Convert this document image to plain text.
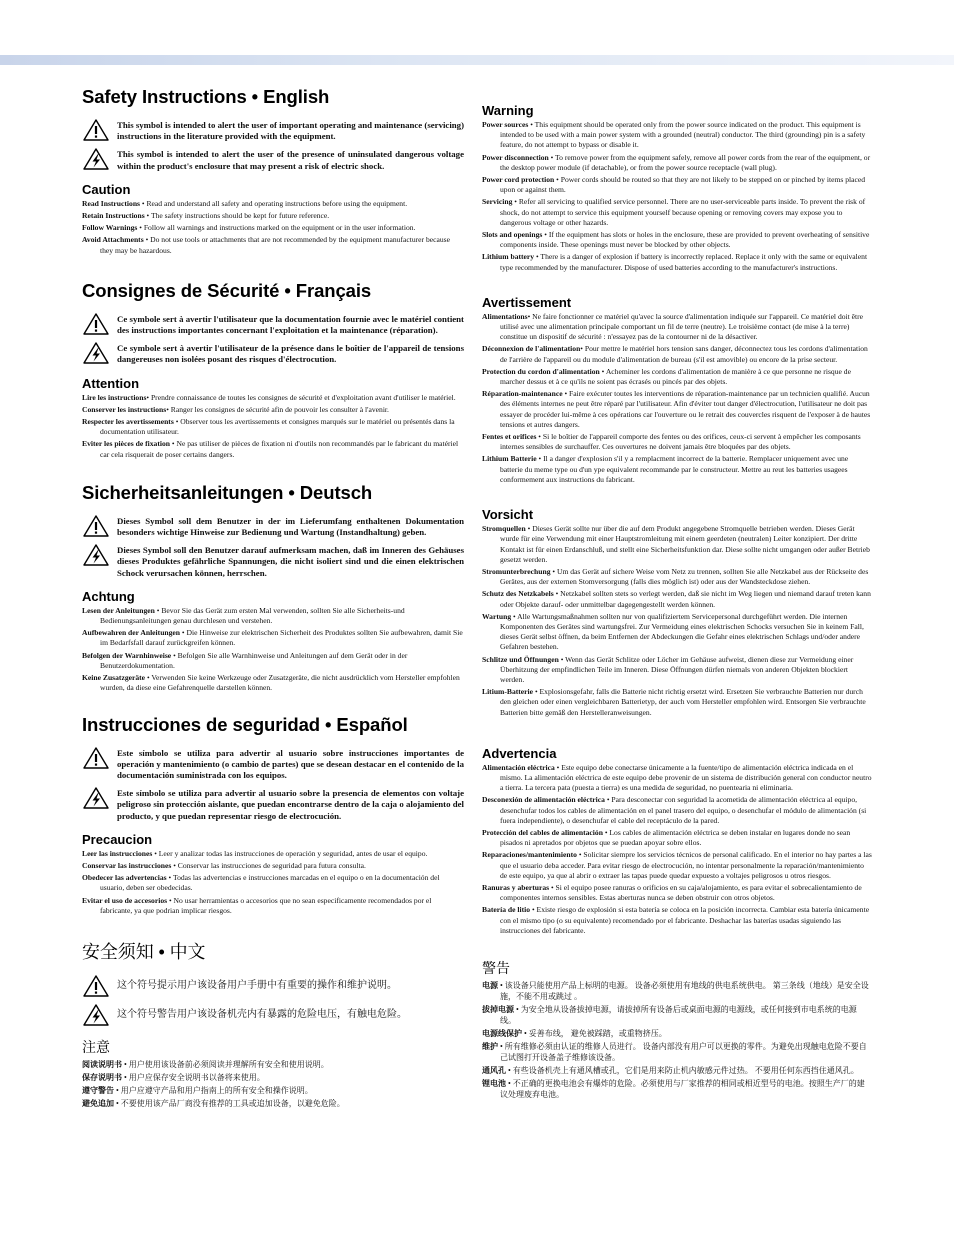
Safety Instructions • English
This symbol is intended to alert the user of important operating and maintenance (servicing) instructions in the literature provided with the equipment.
This symbol is intended to alert the user of the presence of uninsulated dangerous voltage within the product's enclosure that may present a risk of electric shock.
Caution
Read Instructions • Read and understand all safety and operating instructions before using the equipment.
Retain Instructions • The safety instructions should be kept for future reference.
Follow Warnings • Follow all warnings and instructions marked on the equipment or in the user information.
Avoid Attachments • Do not use tools or attachments that are not recommended by the equipment manufacturer because they may be hazardous.
Consignes de Sécurité • Français
Ce symbole sert à avertir l'utilisateur que la documentation fournie avec le matériel contient des instructions importantes concernant l'exploitation et la maintenance (réparation).
Ce symbole sert à avertir l'utilisateur de la présence dans le boîtier de l'appareil de tensions dangereuses non isolées posant des risques d'électrocution.
Attention
Lire les instructions• Prendre connaissance de toutes les consignes de sécurité et d'exploitation avant d'utiliser le matériel.
Conserver les instructions• Ranger les consignes de sécurité afin de pouvoir les consulter à l'avenir.
Respecter les avertissements • Observer tous les avertissements et consignes marqués sur le matériel ou présentés dans la documentation utilisateur.
Eviter les pièces de fixation • Ne pas utiliser de pièces de fixation ni d'outils non recommandés par le fabricant du matériel car cela risquerait de poser certains dangers.
Sicherheitsanleitungen • Deutsch
Dieses Symbol soll dem Benutzer in der im Lieferumfang enthaltenen Dokumentation besonders wichtige Hinweise zur Bedienung und Wartung (Instandhaltung) geben.
Dieses Symbol soll den Benutzer darauf aufmerksam machen, daß im Inneren des Gehäuses dieses Produktes gefährliche Spannungen, die nicht isoliert sind und die einen elektrischen Schock verursachen können, herrschen.
Achtung
Lesen der Anleitungen • Bevor Sie das Gerät zum ersten Mal verwenden, sollten Sie alle Sicherheits-und Bedienungsanleitungen genau durchlesen und verstehen.
Aufbewahren der Anleitungen • Die Hinweise zur elektrischen Sicherheit des Produktes sollten Sie aufbewahren, damit Sie im Bedarfsfall darauf zurückgreifen können.
Befolgen der Warnhinweise • Befolgen Sie alle Warnhinweise und Anleitungen auf dem Gerät oder in der Benutzerdokumentation.
Keine Zusatzgeräte • Verwenden Sie keine Werkzeuge oder Zusatzgeräte, die nicht ausdrücklich vom Hersteller empfohlen wurden, da diese eine Gefahrenquelle darstellen können.
Instrucciones de seguridad • Español
Este símbolo se utiliza para advertir al usuario sobre instrucciones importantes de operación y mantenimiento (o cambio de partes) que se desean destacar en el contenido de la documentación suministrada con los equipos.
Este símbolo se utiliza para advertir al usuario sobre la presencia de elementos con voltaje peligroso sin protección aislante, que puedan encontrarse dentro de la caja o alojamiento del producto, y que puedan representar riesgo de electrocución.
Precaucion
Leer las instrucciones • Leer y analizar todas las instrucciones de operación y seguridad, antes de usar el equipo.
Conservar las instrucciones • Conservar las instrucciones de seguridad para futura consulta.
Obedecer las advertencias • Todas las advertencias e instrucciones marcadas en el equipo o en la documentación del usuario, deben ser obedecidas.
Evitar el uso de accesorios • No usar herramientas o accesorios que no sean especificamente recomendados por el fabricante, ya que podrian implicar riesgos.
安全须知 • 中文
这个符号提示用户该设备用户手册中有重要的操作和维护说明。
这个符号警告用户该设备机壳内有暴露的危险电压，有触电危险。
注意
阅读说明书 • 用户使用该设备前必须阅读并理解所有安全和使用说明。
保存说明书 • 用户应保存安全说明书以备将来使用。
遵守警告 • 用户应遵守产品和用户指南上的所有安全和操作说明。
避免追加 • 不要使用该产品厂商没有推荐的工具或追加设备，以避免危险。
Warning
Power sources • This equipment should be operated only from the power source indicated on the product. This equipment is intended to be used with a main power system with a grounded (neutral) conductor. The third (grounding) pin is a safety feature, do not attempt to bypass or disable it.
Power disconnection • To remove power from the equipment safely, remove all power cords from the rear of the equipment, or the desktop power module (if detachable), or from the power source receptacle (wall plug).
Power cord protection • Power cords should be routed so that they are not likely to be stepped on or pinched by items placed upon or against them.
Servicing • Refer all servicing to qualified service personnel. There are no user-serviceable parts inside. To prevent the risk of shock, do not attempt to service this equipment yourself because opening or removing covers may expose you to dangerous voltage or other hazards.
Slots and openings • If the equipment has slots or holes in the enclosure, these are provided to prevent overheating of sensitive components inside. These openings must never be blocked by other objects.
Lithium battery • There is a danger of explosion if battery is incorrectly replaced. Replace it only with the same or equivalent type recommended by the manufacturer. Dispose of used batteries according to the manufacturer's instructions.
Avertissement
Alimentations• Ne faire fonctionner ce matériel qu'avec la source d'alimentation indiquée sur l'appareil. Ce matériel doit être utilisé avec une alimentation principale comportant un fil de terre (neutre). Le troisième contact (de mise à la terre) constitue un dispositif de sécurité : n'essayez pas de la contourner ni de la désactiver.
Déconnexion de l'alimentation• Pour mettre le matériel hors tension sans danger, déconnectez tous les cordons d'alimentation de l'arrière de l'appareil ou du module d'alimentation de bureau (s'il est amovible) ou encore de la prise secteur.
Protection du cordon d'alimentation • Acheminer les cordons d'alimentation de manière à ce que personne ne risque de marcher dessus et à ce qu'ils ne soient pas écrasés ou pincés par des objets.
Réparation-maintenance • Faire exécuter toutes les interventions de réparation-maintenance par un technicien qualifié. Aucun des éléments internes ne peut être réparé par l'utilisateur. Afin d'éviter tout danger d'électrocution, l'utilisateur ne doit pas essayer de procéder lui-même à ces opérations car l'ouverture ou le retrait des couvercles risquent de l'exposer à de hautes tensions et autres dangers.
Fentes et orifices • Si le boîtier de l'appareil comporte des fentes ou des orifices, ceux-ci servent à empêcher les composants internes sensibles de surchauffer. Ces ouvertures ne doivent jamais être bloquées par des objets.
Lithium Batterie • Il a danger d'explosion s'il y a remplacment incorrect de la batterie. Remplacer uniquement avec une batterie du meme type ou d'un ype equivalent recommande par le constructeur. Mettre au reut les batteries usagees conformement aux instructions du fabricant.
Vorsicht
Stromquellen • Dieses Gerät sollte nur über die auf dem Produkt angegebene Stromquelle betrieben werden. Dieses Gerät wurde für eine Verwendung mit einer Hauptstromleitung mit einem geerdeten (neutralen) Leiter konzipiert. Der dritte Kontakt ist für einen Erdanschluß, und stellt eine Sicherheitsfunktion dar. Diese sollte nicht umgangen oder außer Betrieb gesetzt werden.
Stromunterbrechung • Um das Gerät auf sichere Weise vom Netz zu trennen, sollten Sie alle Netzkabel aus der Rückseite des Gerätes, aus der externen Stomversorgung (falls dies möglich ist) oder aus der Wandsteckdose ziehen.
Schutz des Netzkabels • Netzkabel sollten stets so verlegt werden, daß sie nicht im Weg liegen und niemand darauf treten kann oder Objekte darauf- oder unmittelbar dagegengestellt werden können.
Wartung • Alle Wartungsmaßnahmen sollten nur von qualifiziertem Servicepersonal durchgeführt werden. Die internen Komponenten des Gerätes sind wartungsfrei. Zur Vermeidung eines elektrischen Schocks versuchen Sie in keinem Fall, dieses Gerät selbst öffnen, da beim Entfernen der Abdeckungen die Gefahr eines elektrischen Schlags und/oder andere Gefahren bestehen.
Schlitze und Öffnungen • Wenn das Gerät Schlitze oder Löcher im Gehäuse aufweist, dienen diese zur Vermeidung einer Überhitzung der empfindlichen Teile im Inneren. Diese Öffnungen dürfen niemals von anderen Objekten blockiert werden.
Litium-Batterie • Explosionsgefahr, falls die Batterie nicht richtig ersetzt wird. Ersetzen Sie verbrauchte Batterien nur durch den gleichen oder einen vergleichbaren Batterietyp, der auch vom Hersteller empfohlen wird. Entsorgen Sie verbrauchte Batterien bitte gemäß den Herstelleranweisungen.
Advertencia
Alimentación eléctrica • Este equipo debe conectarse únicamente a la fuente/tipo de alimentación eléctrica indicada en el mismo. La alimentación eléctrica de este equipo debe provenir de un sistema de distribución general con conductor neutro a tierra. La tercera pata (puesta a tierra) es una medida de seguridad, no puentearia ni eliminaria.
Desconexión de alimentación eléctrica • Para desconectar con seguridad la acometida de alimentación eléctrica al equipo, desenchufar todos los cables de alimentación en el panel trasero del equipo, o desenchufar el módulo de alimentación (si fuera independiente), o desenchufar el cable del receptáculo de la pared.
Protección del cables de alimentación • Los cables de alimentación eléctrica se deben instalar en lugares donde no sean pisados ni apretados por objetos que se puedan apoyar sobre ellos.
Reparaciones/mantenimiento • Solicitar siempre los servicios técnicos de personal calificado. En el interior no hay partes a las que el usuario deba acceder. Para evitar riesgo de electrocución, no intentar personalmente la reparación/mantenimiento de este equipo, ya que al abrir o extraer las tapas puede quedar expuesto a voltajes peligrosos u otros riesgos.
Ranuras y aberturas • Si el equipo posee ranuras o orificios en su caja/alojamiento, es para evitar el sobrecalientamiento de componentes internos sensibles. Estas aberturas nunca se deben obstruir con otros objetos.
Batería de litio • Existe riesgo de explosión si esta batería se coloca en la posición incorrecta. Cambiar esta batería únicamente con el mismo tipo (o su equivalente) recomendado por el fabricante. Deshachar las baterías usadas siguiendo las instrucciones del fabricante.
警告
电源 • 该设备只能使用产品上标明的电源。 设备必须使用有地线的供电系统供电。 第三条线（地线）是安全设施，不能不用或跳过 。
拔掉电源 • 为安全地从设备拔掉电源，请拔掉所有设备后或桌面电源的电源线，或任何接到市电系统的电源线。
电源线保护 • 妥善布线， 避免被踩踏，或重物挤压。
维护 • 所有维修必须由认证的维修人员进行。 设备内部没有用户可以更换的零件。为避免出现触电危险不要自己试图打开设备盖子维修该设备。
通风孔 • 有些设备机壳上有通风槽或孔，它们是用来防止机内敏感元件过热。 不要用任何东西挡住通风孔。
锂电池 • 不正确的更换电池会有爆炸的危险。必须使用与厂家推荐的相同或相近型号的电池。按照生产厂的建议处理废弃电池。
